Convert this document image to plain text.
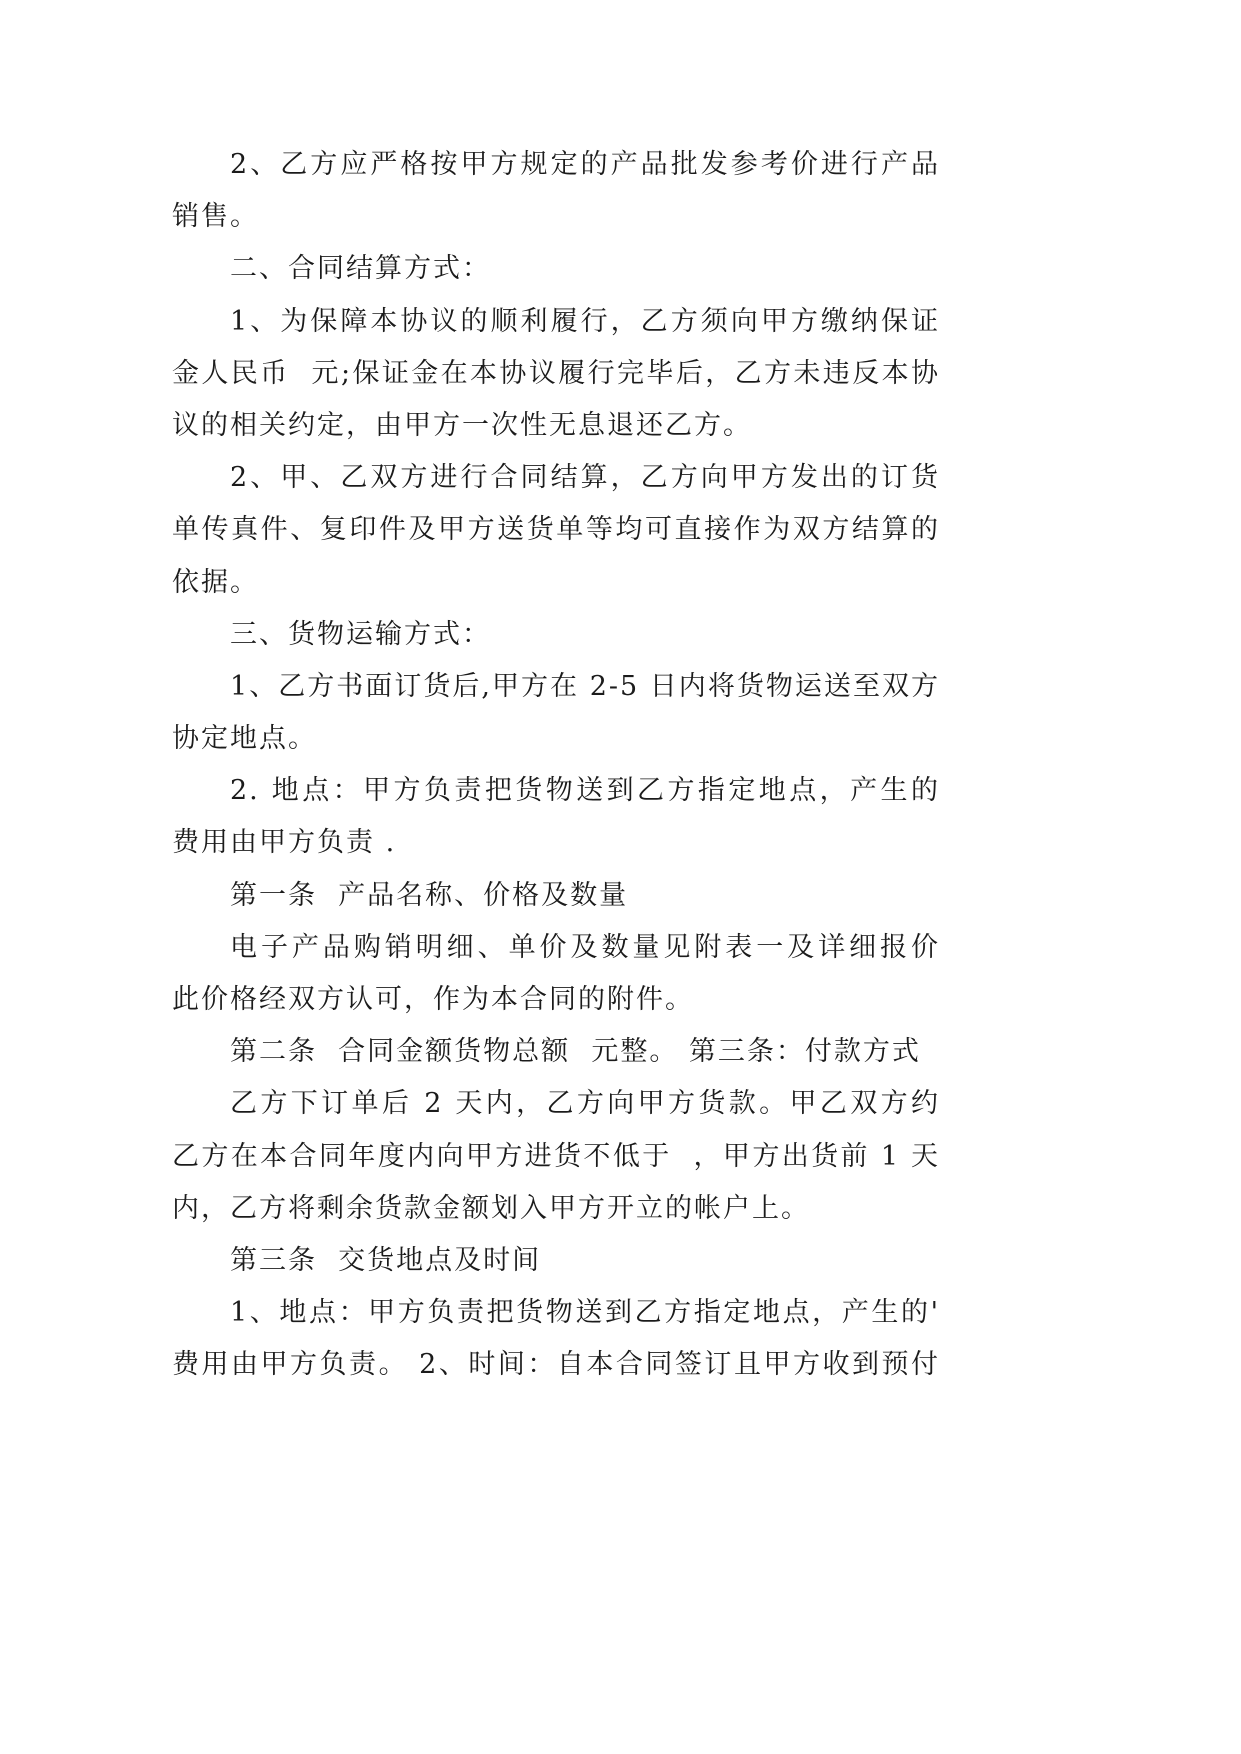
2、乙方应严格按甲方规定的产品批发参考价进行产品
销售。
二、合同结算方式：
1、为保障本协议的顺利履行，乙方须向甲方缴纳保证
金人民币  元;保证金在本协议履行完毕后，乙方未违反本协
议的相关约定，由甲方一次性无息退还乙方。
2、甲、乙双方进行合同结算，乙方向甲方发出的订货
单传真件、复印件及甲方送货单等均可直接作为双方结算的
依据。
三、货物运输方式：
1、乙方书面订货后,甲方在 2-5 日内将货物运送至双方
协定地点。
2. 地点：甲方负责把货物送到乙方指定地点，产生的
费用由甲方负责 .
第一条  产品名称、价格及数量
电子产品购销明细、单价及数量见附表一及详细报价
此价格经双方认可，作为本合同的附件。
第二条  合同金额货物总额  元整。 第三条：付款方式
乙方下订单后 2 天内，乙方向甲方货款。甲乙双方约
乙方在本合同年度内向甲方进货不低于  ，甲方出货前 1 天
内，乙方将剩余货款金额划入甲方开立的帐户上。
第三条  交货地点及时间
1、地点：甲方负责把货物送到乙方指定地点，产生的'
费用由甲方负责。 2、时间：自本合同签订且甲方收到预付
